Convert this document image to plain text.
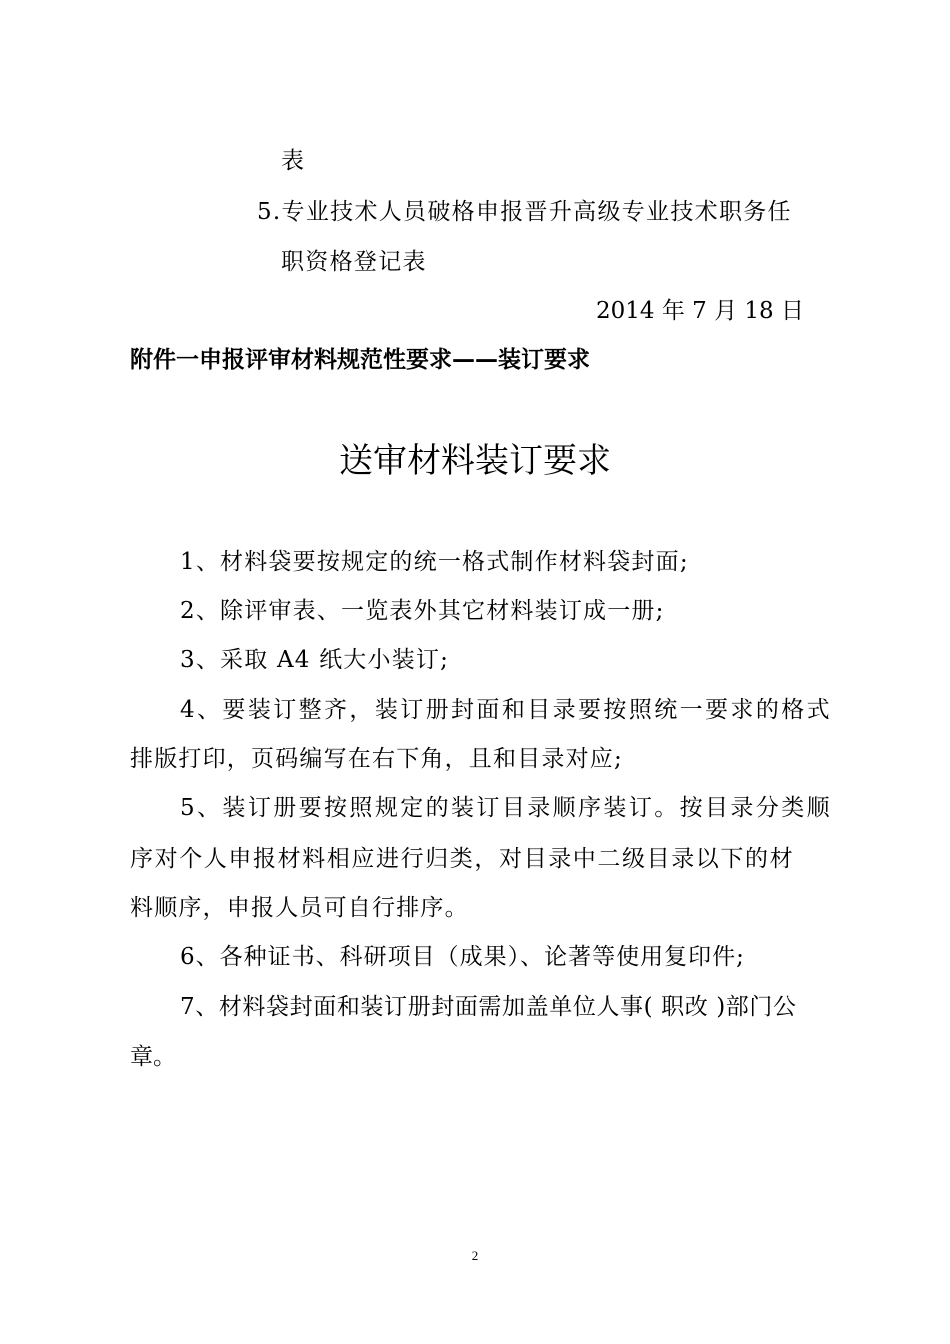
表
5.专业技术人员破格申报晋升高级专业技术职务任
职资格登记表
2014 年 7 月 18 日
附件一申报评审材料规范性要求——装订要求
送审材料装订要求
1、材料袋要按规定的统一格式制作材料袋封面;
2、除评审表、一览表外其它材料装订成一册;
3、采取 A4 纸大小装订;
4、要装订整齐，装订册封面和目录要按照统一要求的格式
排版打印，页码编写在右下角，且和目录对应;
5、装订册要按照规定的装订目录顺序装订。按目录分类顺
序对个人申报材料相应进行归类，对目录中二级目录以下的材
料顺序，申报人员可自行排序。
6、各种证书、科研项目（成果）、论著等使用复印件;
7、材料袋封面和装订册封面需加盖单位人事( 职改 )部门公
章。
2
